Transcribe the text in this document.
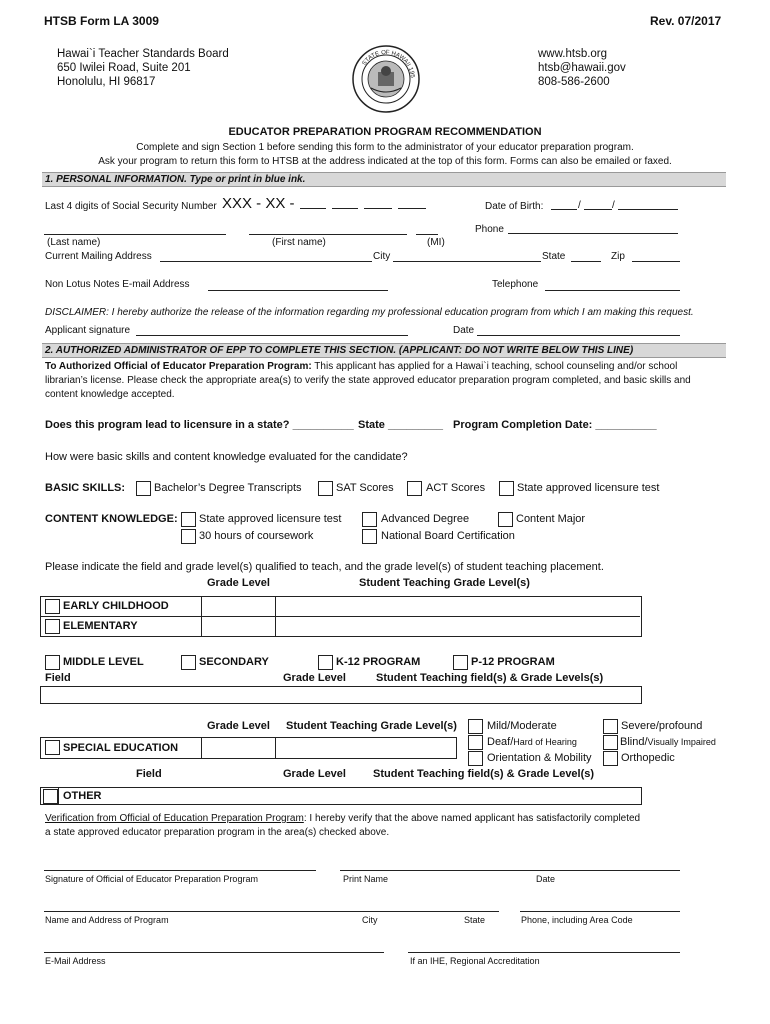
HTSB Form LA 3009	Rev. 07/2017
Hawai`i Teacher Standards Board
650 Iwilei Road, Suite 201
Honolulu, HI 96817
www.htsb.org
htsb@hawaii.gov
808-586-2600
STATE OF HAWAII 195
EDUCATOR PREPARATION PROGRAM RECOMMENDATION
Complete and sign Section 1 before sending this form to the administrator of your educator preparation program.
Ask your program to return this form to HTSB at the address indicated at the top of this form. Forms can also be emailed or faxed.
1. PERSONAL INFORMATION. Type or print in blue ink.
Last 4 digits of Social Security Number XXX - XX -	Date of Birth:	/	/
Phone
(Last name)	(First name)	(MI)
Current Mailing Address	City	State	Zip
Non Lotus Notes E-mail Address	Telephone
DISCLAIMER: I hereby authorize the release of the information regarding my professional education program from which I am making this request.
Applicant signature	Date
2. AUTHORIZED ADMINISTRATOR OF EPP TO COMPLETE THIS SECTION. (APPLICANT: DO NOT WRITE BELOW THIS LINE)
To Authorized Official of Educator Preparation Program: This applicant has applied for a Hawai`i teaching, school counseling and/or school
librarian’s license. Please check the appropriate area(s) to verify the state approved educator preparation program completed, and basic skills and
content knowledge accepted.
Does this program lead to licensure in a state? __________ State _________ Program Completion Date: __________
How were basic skills and content knowledge evaluated for the candidate?
BASIC SKILLS:	Bachelor’s Degree Transcripts	SAT Scores	ACT Scores	State approved licensure test
CONTENT KNOWLEDGE: State approved licensure test	Advanced Degree	Content Major
30 hours of coursework	National Board Certification
Please indicate the field and grade level(s) qualified to teach, and the grade level(s) of student teaching placement.
Grade Level	Student Teaching Grade Level(s)
EARLY CHILDHOOD
ELEMENTARY
MIDDLE LEVEL	SECONDARY	K-12 PROGRAM	P-12 PROGRAM
Field	Grade Level	Student Teaching field(s) & Grade Levels(s)
Grade Level Student Teaching Grade Level(s)	Mild/Moderate	Severe/profound
Deaf/Hard of Hearing	Blind/Visually Impaired
Orientation & Mobility	Orthopedic
SPECIAL EDUCATION
Field	Grade Level Student Teaching field(s) & Grade Level(s)
OTHER
Verification from Official of Education Preparation Program: I hereby verify that the above named applicant has satisfactorily completed
a state approved educator preparation program in the area(s) checked above.
Signature of Official of Educator Preparation Program	Print Name	Date
Name and Address of Program	City	State	Phone, including Area Code
E-Mail Address	If an IHE, Regional Accreditation
